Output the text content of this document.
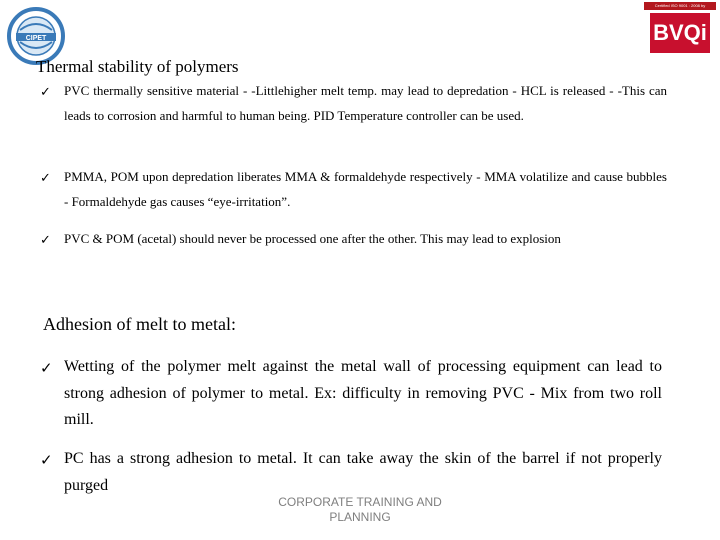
CIPET
Certified ISO 9001 : 2008 by
BVQi
Thermal stability of polymers
✓ PVC thermally sensitive material - -Littlehigher melt temp. may lead to depredation - HCL is released - -This can leads to corrosion and harmful to human being. PID Temperature controller can be used.
✓ PMMA, POM upon depredation liberates MMA & formaldehyde respectively - MMA volatilize and cause bubbles - Formaldehyde gas causes “eye-irritation”.
✓ PVC & POM (acetal) should never be processed one after the other. This may lead to explosion
Adhesion of melt to metal:
✓ Wetting of the polymer melt against the metal wall of processing equipment can lead to strong adhesion of polymer to metal. Ex: difficulty in removing PVC - Mix from two roll mill.
✓ PC has a strong adhesion to metal. It can take away the skin of the barrel if not properly purged
CORPORATE TRAINING AND
PLANNING
